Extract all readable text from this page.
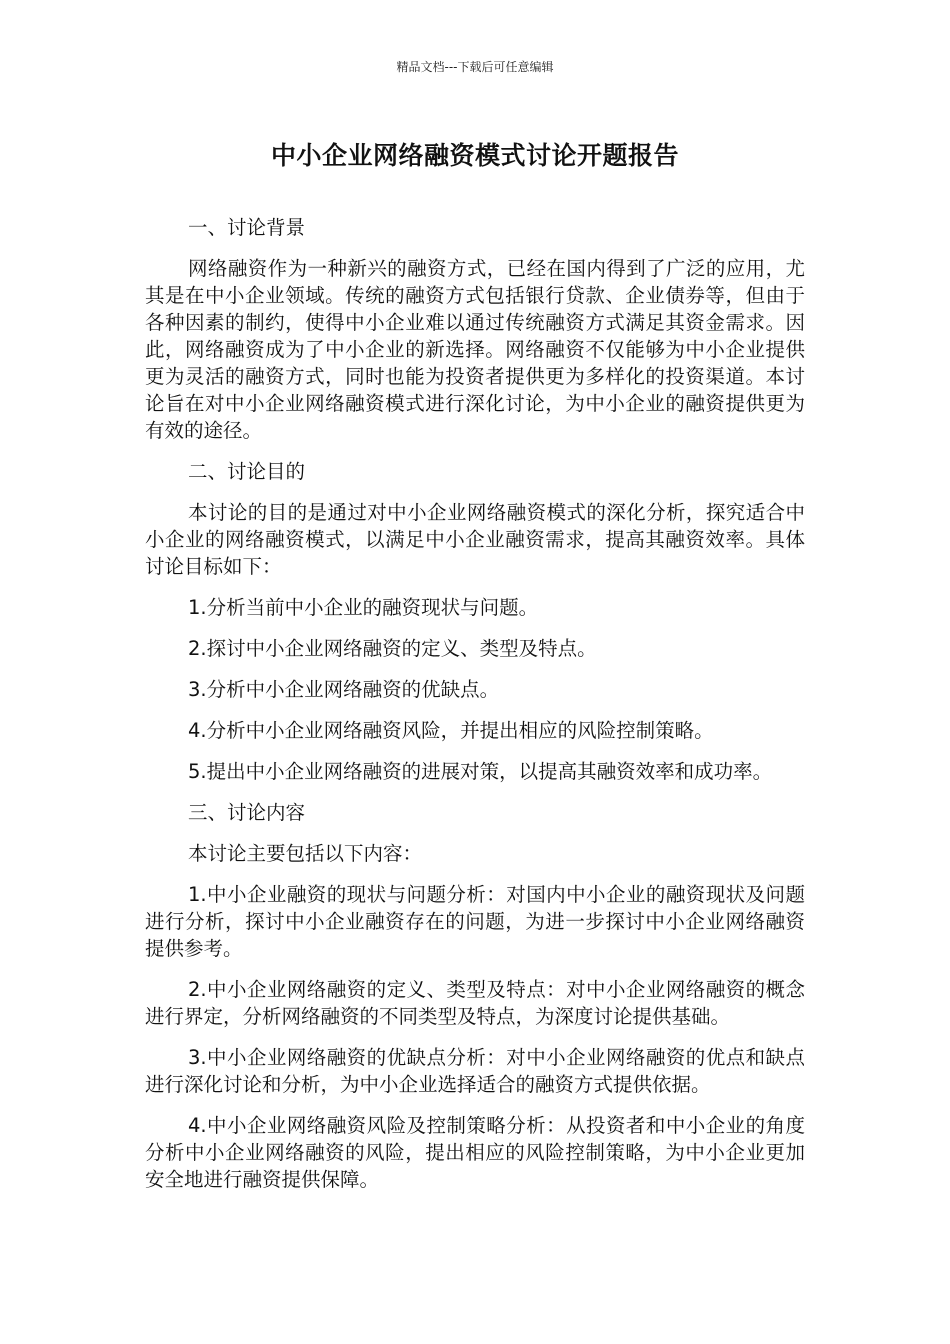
精品文档---下载后可任意编辑
中小企业网络融资模式讨论开题报告

一、讨论背景

网络融资作为一种新兴的融资方式，已经在国内得到了广泛的应用，尤其是在中小企业领域。传统的融资方式包括银行贷款、企业债券等，但由于各种因素的制约，使得中小企业难以通过传统融资方式满足其资金需求。因此，网络融资成为了中小企业的新选择。网络融资不仅能够为中小企业提供更为灵活的融资方式，同时也能为投资者提供更为多样化的投资渠道。本讨论旨在对中小企业网络融资模式进行深化讨论，为中小企业的融资提供更为有效的途径。

二、讨论目的

本讨论的目的是通过对中小企业网络融资模式的深化分析，探究适合中小企业的网络融资模式，以满足中小企业融资需求，提高其融资效率。具体讨论目标如下：

1.分析当前中小企业的融资现状与问题。

2.探讨中小企业网络融资的定义、类型及特点。

3.分析中小企业网络融资的优缺点。

4.分析中小企业网络融资风险，并提出相应的风险控制策略。

5.提出中小企业网络融资的进展对策，以提高其融资效率和成功率。

三、讨论内容

本讨论主要包括以下内容：

1.中小企业融资的现状与问题分析：对国内中小企业的融资现状及问题进行分析，探讨中小企业融资存在的问题，为进一步探讨中小企业网络融资提供参考。

2.中小企业网络融资的定义、类型及特点：对中小企业网络融资的概念进行界定，分析网络融资的不同类型及特点，为深度讨论提供基础。

3.中小企业网络融资的优缺点分析：对中小企业网络融资的优点和缺点进行深化讨论和分析，为中小企业选择适合的融资方式提供依据。

4.中小企业网络融资风险及控制策略分析：从投资者和中小企业的角度分析中小企业网络融资的风险，提出相应的风险控制策略，为中小企业更加安全地进行融资提供保障。
